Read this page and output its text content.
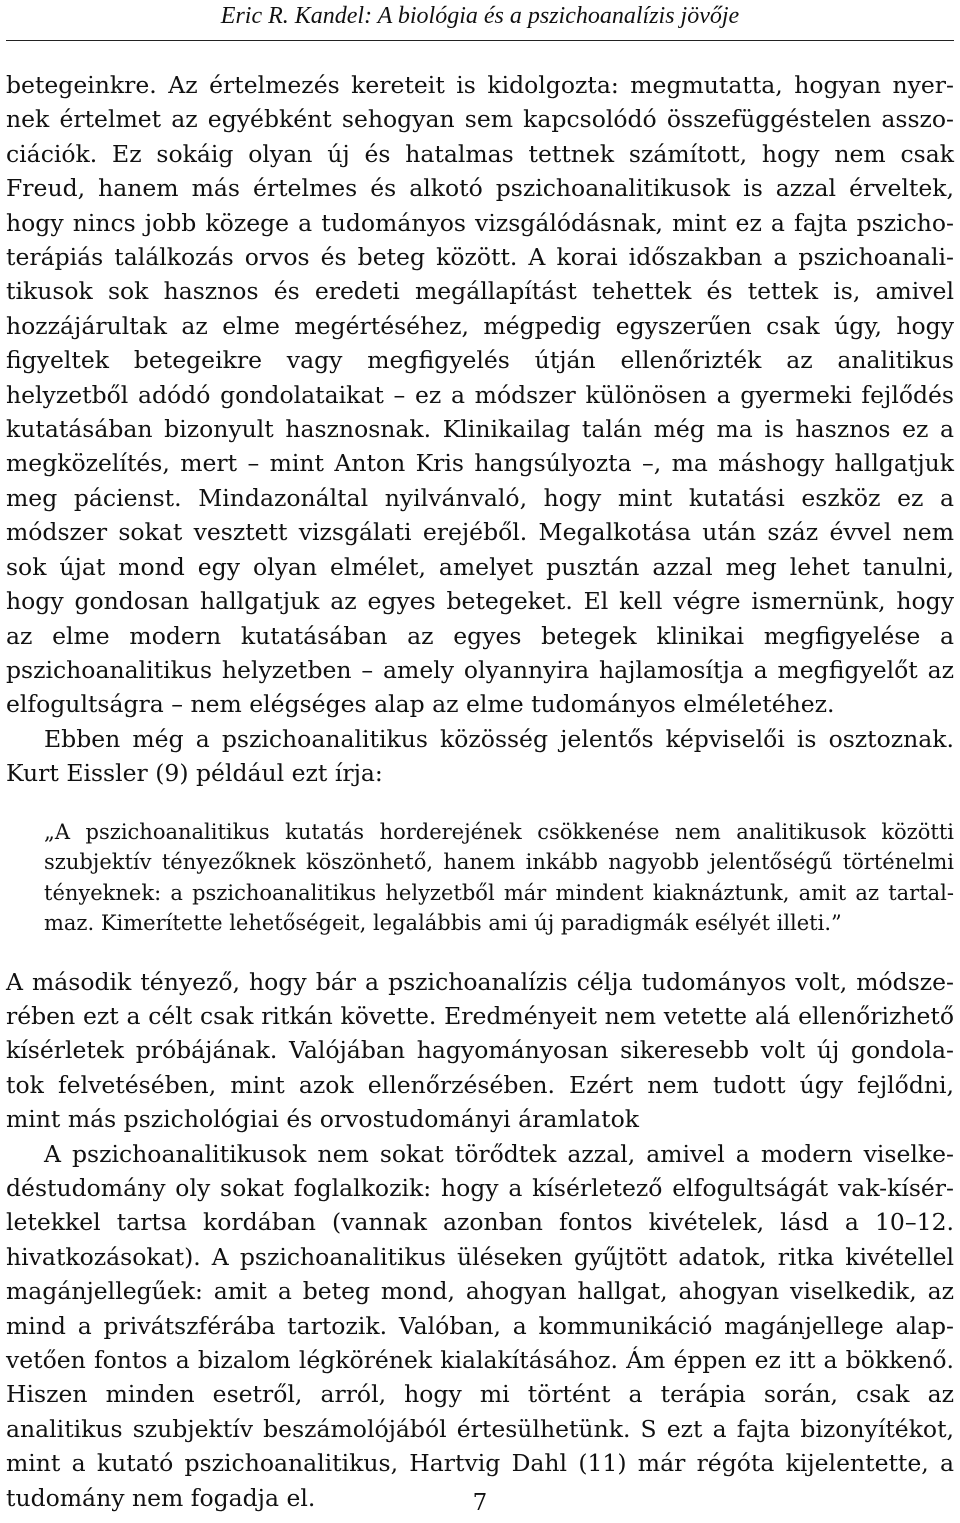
Eric R. Kandel: A biológia és a pszichoanalízis jövője

betegeinkre. Az értelmezés kereteit is kidolgozta: megmutatta, hogyan nyernek értelmet az egyébként sehogyan sem kapcsolódó összefüggéstelen asszociációk. Ez sokáig olyan új és hatalmas tettnek számított, hogy nem csak Freud, hanem más értelmes és alkotó pszichoanalitikusok is azzal érveltek, hogy nincs jobb közege a tudományos vizsgálódásnak, mint ez a fajta pszichoterápiás találkozás orvos és beteg között. A korai időszakban a pszichoanalitikusok sok hasznos és eredeti megállapítást tehettek és tettek is, amivel hozzájárultak az elme megértéséhez, mégpedig egyszerűen csak úgy, hogy figyeltek betegeikre vagy megfigyelés útján ellenőrizték az analitikus helyzetből adódó gondolataikat – ez a módszer különösen a gyermeki fejlődés kutatásában bizonyult hasznosnak. Klinikailag talán még ma is hasznos ez a megközelítés, mert – mint Anton Kris hangsúlyozta –, ma máshogy hallgatjuk meg pácienst. Mindazonáltal nyilvánvaló, hogy mint kutatási eszköz ez a módszer sokat vesztett vizsgálati erejéből. Megalkotása után száz évvel nem sok újat mond egy olyan elmélet, amelyet pusztán azzal meg lehet tanulni, hogy gondosan hallgatjuk az egyes betegeket. El kell végre ismernünk, hogy az elme modern kutatásában az egyes betegek klinikai megfigyelése a pszichoanalitikus helyzetben – amely olyannyira hajlamosítja a megfigyelőt az elfogultságra – nem elégséges alap az elme tudományos elméletéhez.

Ebben még a pszichoanalitikus közösség jelentős képviselői is osztoznak. Kurt Eissler (9) például ezt írja:

„A pszichoanalitikus kutatás horderejének csökkenése nem analitikusok közötti szubjektív tényezőknek köszönhető, hanem inkább nagyobb jelentőségű történelmi tényeknek: a pszichoanalitikus helyzetből már mindent kiaknáztunk, amit az tartalmaz. Kimerítette lehetőségeit, legalábbis ami új paradigmák esélyét illeti.”

A második tényező, hogy bár a pszichoanalízis célja tudományos volt, módszerében ezt a célt csak ritkán követte. Eredményeit nem vetette alá ellenőrizhető kísérletek próbájának. Valójában hagyományosan sikeresebb volt új gondolatok felvetésében, mint azok ellenőrzésében. Ezért nem tudott úgy fejlődni, mint más pszichológiai és orvostudományi áramlatok

A pszichoanalitikusok nem sokat törődtek azzal, amivel a modern viselkedéstudomány oly sokat foglalkozik: hogy a kísérletező elfogultságát vak-kísérletekkel tartsa kordában (vannak azonban fontos kivételek, lásd a 10–12. hivatkozásokat). A pszichoanalitikus üléseken gyűjtött adatok, ritka kivétellel magánjellegűek: amit a beteg mond, ahogyan hallgat, ahogyan viselkedik, az mind a privátszférába tartozik. Valóban, a kommunikáció magánjellege alapvetően fontos a bizalom légkörének kialakításához. Ám éppen ez itt a bökkenő. Hiszen minden esetről, arról, hogy mi történt a terápia során, csak az analitikus szubjektív beszámolójából értesülhetünk. S ezt a fajta bizonyítékot, mint a kutató pszichoanalitikus, Hartvig Dahl (11) már régóta kijelentette, a tudomány nem fogadja el.	7
